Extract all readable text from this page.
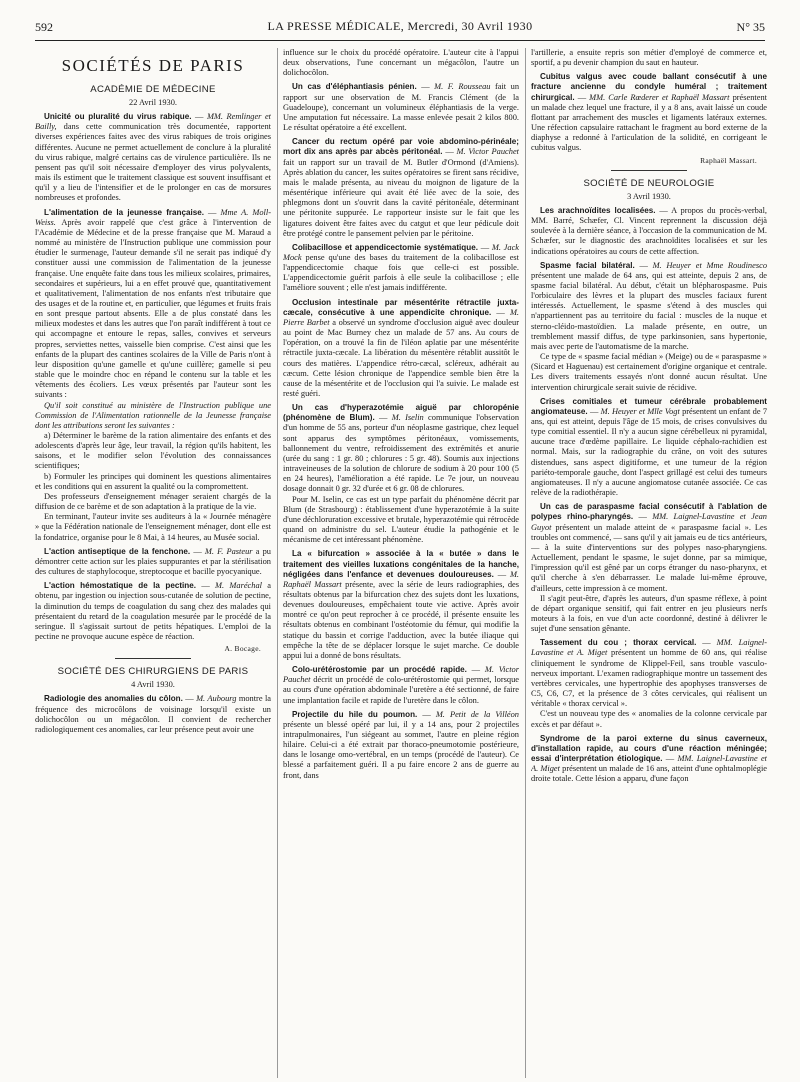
LA PRESSE MÉDICALE, Mercredi, 30 Avril 1930
592	N° 35
SOCIÉTÉS DE PARIS
ACADÉMIE DE MÉDECINE
22 Avril 1930.

Unicité ou pluralité du virus rabique. — MM. Remlinger et Bailly, dans cette communication très documentée, rapportent diverses expériences faites avec des virus rabiques de trois origines différentes. Aucune ne permet actuellement de conclure à la pluralité du virus rabique, malgré certains cas de virulence particulière. Ils ne pensent pas qu'il soit nécessaire d'employer des virus polyvalents, mais ils estiment que le traitement classique est souvent insuffisant et qu'il y a lieu de l'intensifier et de le prolonger en cas de morsures nombreuses et profondes.

L'alimentation de la jeunesse française. — Mme A. Moll-Weiss. Après avoir rappelé que c'est grâce à l'intervention de l'Académie de Médecine et de la presse française que M. Maraud a nommé au ministère de l'Instruction publique une commission pour étudier le surmenage, l'auteur demande s'il ne serait pas indiqué d'y constituer aussi une commission de l'alimentation de la jeunesse française. Une enquête faite dans tous les milieux scolaires, primaires, secondaires et supérieurs, lui a en effet prouvé que, quantitativement et qualitativement, l'alimentation de nos enfants n'est tributaire que des usages et de la routine et, en particulier, que légumes et fruits frais en sont presque partout absents. Elle a de plus constaté dans les milieux modestes et dans les autres que l'on paraît indifférent à tout ce qui accompagne et entoure le repas, salles, convives et serveurs propres, serviettes nettes, vaisselle bien comprise. C'est ainsi que les enfants de la plupart des cantines scolaires de la Ville de Paris n'ont à leur disposition qu'une gamelle et qu'une cuillère; gamelle si peu stable que le moindre choc en répand le contenu sur la table et les vêtements des écoliers. Les vœux présentés par l'auteur sont les suivants :

Qu'il soit constitué au ministère de l'Instruction publique une Commission de l'Alimentation rationnelle de la Jeunesse française dont les attributions seront les suivantes :

a) Déterminer le barème de la ration alimentaire des enfants et des adolescents d'après leur âge, leur travail, la région qu'ils habitent, les saisons, et le modifier selon l'évolution des connaissances scientifiques;

b) Formuler les principes qui dominent les questions alimentaires et les conditions qui en assurent la qualité ou la compromettent.

Des professeurs d'enseignement ménager seraient chargés de la diffusion de ce barème et de son adaptation à la pratique de la vie.

En terminant, l'auteur invite ses auditeurs à la « Journée ménagère » que la Fédération nationale de l'enseignement ménager, dont elle est la fondatrice, organise pour le 8 Mai, à 14 heures, au Musée social.

L'action antiseptique de la fenchone. — M. F. Pasteur a pu démontrer cette action sur les plaies suppurantes et par la stérilisation des cultures de staphylocoque, streptocoque et bacille pyocyanique.

L'action hémostatique de la pectine. — M. Maréchal a obtenu, par ingestion ou injection sous-cutanée de solution de pectine, la diminution du temps de coagulation du sang chez des malades qui présentaient du retard de la coagulation mesurée par le procédé de la seringue. Il s'agissait surtout de petits hépatiques. L'emploi de la pectine ne provoque aucune espèce de réaction.

A. Bocage.
SOCIÉTÉ DES CHIRURGIENS DE PARIS
4 Avril 1930.

Radiologie des anomalies du côlon. — M. Aubourg montre la fréquence des microcôlons de voisinage lorsqu'il existe un dolichocôlon ou un mégacôlon. Il convient de rechercher radiologiquement ces anomalies, car leur présence peut avoir une

influence sur le choix du procédé opératoire. L'auteur cite à l'appui deux observations, l'une concernant un mégacôlon, l'autre un dolichocôlon.

Un cas d'éléphantiasis pénien. — M. F. Rousseau fait un rapport sur une observation de M. Francis Clément (de la Guadeloupe), concernant un volumineux éléphantiasis de la verge. Une amputation fut nécessaire. La masse enlevée pesait 2 kilos 800. Le résultat opératoire a été excellent.

Cancer du rectum opéré par voie abdomino-périnéale; mort dix ans après par abcès péritonéal. — M. Victor Pauchet fait un rapport sur un travail de M. Butler d'Ormond (d'Amiens). Après ablation du cancer, les suites opératoires se firent sans récidive, mais le malade présenta, au niveau du moignon de ligature de la mésentérique inférieure qui avait été liée avec de la soie, des phlegmons dont un s'ouvrit dans la cavité péritonéale, déterminant une péritonite suppurée. Le rapporteur insiste sur le fait que les ligatures doivent être faites avec du catgut et que leur pédicule doit être protégé contre le pansement pelvien par le péritoine.

Colibacillose et appendicectomie systématique. — M. Jack Mock pense qu'une des bases du traitement de la colibacillose est l'appendicectomie chaque fois que celle-ci est possible. L'appendicectomie guérit parfois à elle seule la colibacillose ; elle l'améliore souvent ; elle n'est jamais indifférente.

Occlusion intestinale par mésentérite rétractile juxta-cæcale, consécutive à une appendicite chronique. — M. Pierre Barbet a observé un syndrome d'occlusion aiguë avec douleur au point de Mac Burney chez un malade de 57 ans. Au cours de l'opération, on a trouvé la fin de l'iléon aplatie par une mésentérite rétractile juxta-cæcale. La libération du mésentère rétablit aussitôt le cours des matières. L'appendice rétro-cæcal, scléreux, adhérait au cæcum. Cette lésion chronique de l'appendice semble bien être la cause de la mésentérite et de l'occlusion qui l'a suivie. Le malade est resté guéri.

Un cas d'hyperazotémie aiguë par chloropénie (phénomène de Blum). — M. Iselin communique l'observation d'un homme de 55 ans, porteur d'un néoplasme gastrique, chez lequel sont apparus des symptômes péritonéaux, vomissements, ballonnement du ventre, refroidissement des extrémités et anurie (urée du sang : 1 gr. 80 ; chlorures : 5 gr. 48). Soumis aux injections intraveineuses de la solution de chlorure de sodium à 20 pour 100 (5 en 24 heures), l'amélioration a été rapide. Le 7e jour, un nouveau dosage donnait 0 gr. 32 d'urée et 6 gr. 08 de chlorures.

Pour M. Iselin, ce cas est un type parfait du phénomène décrit par Blum (de Strasbourg) : établissement d'une hyperazotémie à la suite d'une déchloruration excessive et brutale, hyperazotémie qui rétrocède quand on administre du sel. L'auteur étudie la pathogénie et le mécanisme de cet intéressant phénomène.

La « bifurcation » associée à la « butée » dans le traitement des vieilles luxations congénitales de la hanche, négligées dans l'enfance et devenues douloureuses. — M. Raphaël Massart présente, avec la série de leurs radiographies, des résultats obtenus par la bifurcation chez des sujets dont les luxations, devenues douloureuses, empêchaient toute vie active. Après avoir montré ce qu'on peut reprocher à ce procédé, il présente ensuite les résultats obtenus en combinant l'ostéotomie du fémur, qui modifie la statique du bassin et corrige l'adduction, avec la butée iliaque qui empêche la tête de se déplacer lorsque le sujet marche. Ce double appui lui a donné de bons résultats.

Colo-urétérostomie par un procédé rapide. — M. Victor Pauchet décrit un procédé de colo-urétérostomie qui permet, lorsque au cours d'une opération abdominale l'uretère a été sectionné, de faire une implantation facile et rapide de l'uretère dans le côlon.

Projectile du hile du poumon. — M. Petit de la Villéon présente un blessé opéré par lui, il y a 14 ans, pour 2 projectiles intrapulmonaires, l'un siégeant au sommet, l'autre en pleine région hilaire. Celui-ci a été extrait par thoraco-pneumotomie postérieure, dans le losange omo-vertébral, en un temps (procédé de l'auteur). Ce blessé a parfaitement guéri. Il a pu faire encore 2 ans de guerre au front, dans

l'artillerie, a ensuite repris son métier d'employé de commerce et, sportif, a pu devenir champion du saut en hauteur.

Cubitus valgus avec coude ballant consécutif à une fracture ancienne du condyle huméral ; traitement chirurgical. — MM. Carle Rœderer et Raphaël Massart présentent un malade chez lequel une fracture, il y a 8 ans, avait laissé un coude flottant par arrachement des muscles et ligaments latéraux externes. Une réfection capsulaire rattachant le fragment au bord externe de la diaphyse a redonné à l'articulation de la solidité, en corrigeant le cubitus valgus.

Raphaël Massart.
SOCIÉTÉ DE NEUROLOGIE
3 Avril 1930.

Les arachnoïdites localisées. — A propos du procès-verbal, MM. Barré, Schæfer, Cl. Vincent reprennent la discussion déjà soulevée à la dernière séance, à l'occasion de la communication de M. Schæfer, sur le diagnostic des arachnoïdites localisées et sur les indications opératoires au cours de cette affection.

Spasme facial bilatéral. — M. Heuyer et Mme Roudinesco présentent une malade de 64 ans, qui est atteinte, depuis 2 ans, de spasme facial bilatéral. Au début, c'était un blépharospasme. Puis l'orbiculaire des lèvres et la plupart des muscles faciaux furent intéressés. Actuellement, le spasme s'étend à des muscles qui n'appartiennent pas au territoire du facial : muscles de la nuque et sterno-cléido-mastoïdien. La malade présente, en outre, un tremblement massif diffus, de type parkinsonien, sans hypertonie, mais avec perte de l'automatisme de la marche.

Ce type de « spasme facial médian » (Meige) ou de « paraspasme » (Sicard et Haguenau) est certainement d'origine organique et centrale. Les divers traitements essayés n'ont donné aucun résultat. Une intervention chirurgicale serait suivie de récidive.

Crises comitiales et tumeur cérébrale probablement angiomateuse. — M. Heuyer et Mlle Vogt présentent un enfant de 7 ans, qui est atteint, depuis l'âge de 15 mois, de crises convulsives du type comitial essentiel. Il n'y a aucun signe cérébelleux ni pyramidal, aucune trace d'œdème papillaire. Le liquide céphalo-rachidien est normal. Mais, sur la radiographie du crâne, on voit des sutures distendues, sans aspect digitiforme, et une tumeur de la région pariéto-temporale gauche, dont l'aspect grillagé est celui des tumeurs angiomateuses. Il n'y a aucune angiomatose cutanée associée. Ce cas relève de la radiothérapie.

Un cas de paraspasme facial consécutif à l'ablation de polypes rhino-pharyngés. — MM. Laignel-Lavastine et Jean Guyot présentent un malade atteint de « paraspasme facial ». Les troubles ont commencé, — sans qu'il y ait jamais eu de tics antérieurs, — à la suite d'interventions sur des polypes naso-pharyngiens. Actuellement, pendant le spasme, le sujet donne, par sa mimique, l'impression qu'il est gêné par un corps étranger du naso-pharynx, et qu'il cherche à s'en débarrasser. Le malade lui-même éprouve, d'ailleurs, cette impression à ce moment.

Il s'agit peut-être, d'après les auteurs, d'un spasme réflexe, à point de départ organique sensitif, qui fait entrer en jeu plusieurs nerfs moteurs à la fois, en vue d'un acte coordonné, destiné à délivrer le sujet d'une sensation gênante.

Tassement du cou ; thorax cervical. — MM. Laignel-Lavastine et A. Miget présentent un homme de 60 ans, qui réalise cliniquement le syndrome de Klippel-Feil, sans trouble vasculo-nerveux important. L'examen radiographique montre un tassement des vertèbres cervicales, une hypertrophie des apophyses transverses de C5, C6, C7, et la présence de 3 côtes cervicales, qui réalisent un véritable « thorax cervical ».

C'est un nouveau type des « anomalies de la colonne cervicale par excès et par défaut ».

Syndrome de la paroi externe du sinus caverneux, d'installation rapide, au cours d'une réaction méningée; essai d'interprétation étiologique. — MM. Laignel-Lavastine et A. Miget présentent un malade de 16 ans, atteint d'une ophtalmoplégie droite totale. Cette lésion a apparu, d'une façon
